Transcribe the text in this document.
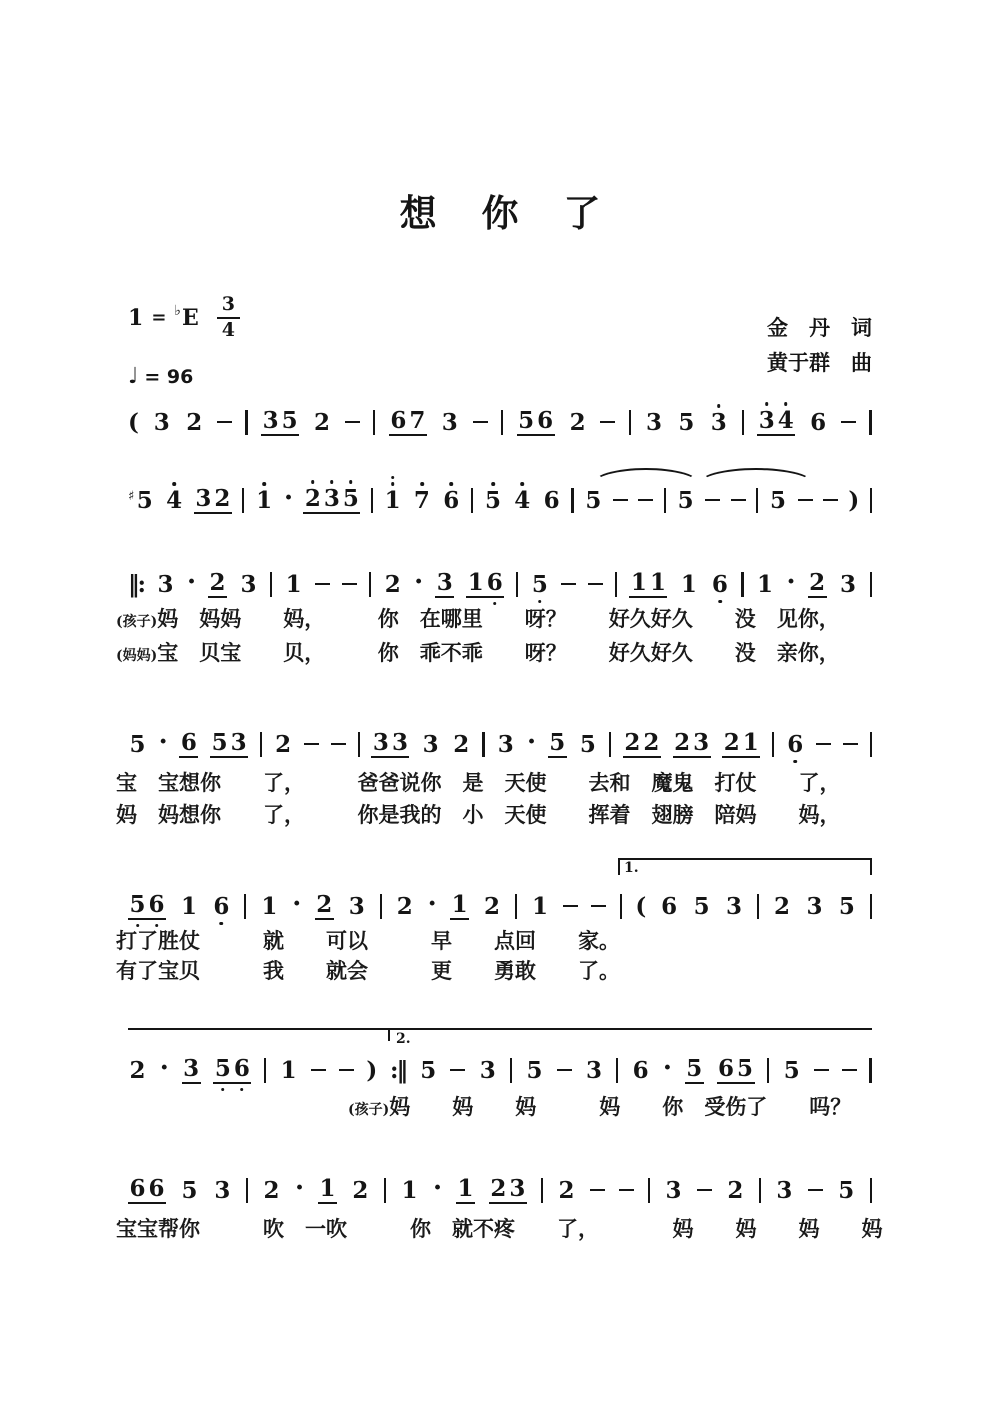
想 你 了
1 = ♭ E $\frac{3}{4}$
♩ = 96
金　丹　词
黄于群　曲
( 3 2	3 5 2	6 7 3	5 6 2	3 5 3 3 4 6
♯ 5 4 3 2 1 · 2 3 5 1 7 6 5 4 6 5	5	5	)
‖: 3 · 2 3 1	2 · 3 1 6 5	1 1 1 6 1 · 2 3
(孩子)妈　妈妈　　妈，　　　你　在哪里　　呀？　　好久好久　　没　见你，
(妈妈)宝　贝宝　　贝，　　　你　乖不乖　　呀？　　好久好久　　没　亲你，
5 · 6 5 3 2	3 3 3 2 3 · 5 5 2 2 2 3 2 1 6
宝　宝想你　　了，　　　爸爸说你　是　天使　　去和　魔鬼　打仗　　了，
妈　妈想你　　了，　　　你是我的　小　天使　　挥着　翅膀　陪妈　　妈，
1.
5 6 1 6 1 · 2 3 2 · 1 2 1	( 6 5 3 2 3 5
打了胜仗　　　就　　可以　　　早　　点回　　家。
有了宝贝　　　我　　就会　　　更　　勇敢　　了。
2.
2 · 3 5 6 1	) :‖ 5 3 5 3 6 · 5 6 5 5
(孩子)妈　　妈　　妈　　　妈　　你　受伤了　　吗？
6 6 5 3 2 · 1 2 1 · 1 2 3 2	3 2 3 5
宝宝帮你　　　吹　一吹　　　你　就不疼　　了，　　　　妈　　妈　　妈　　妈
